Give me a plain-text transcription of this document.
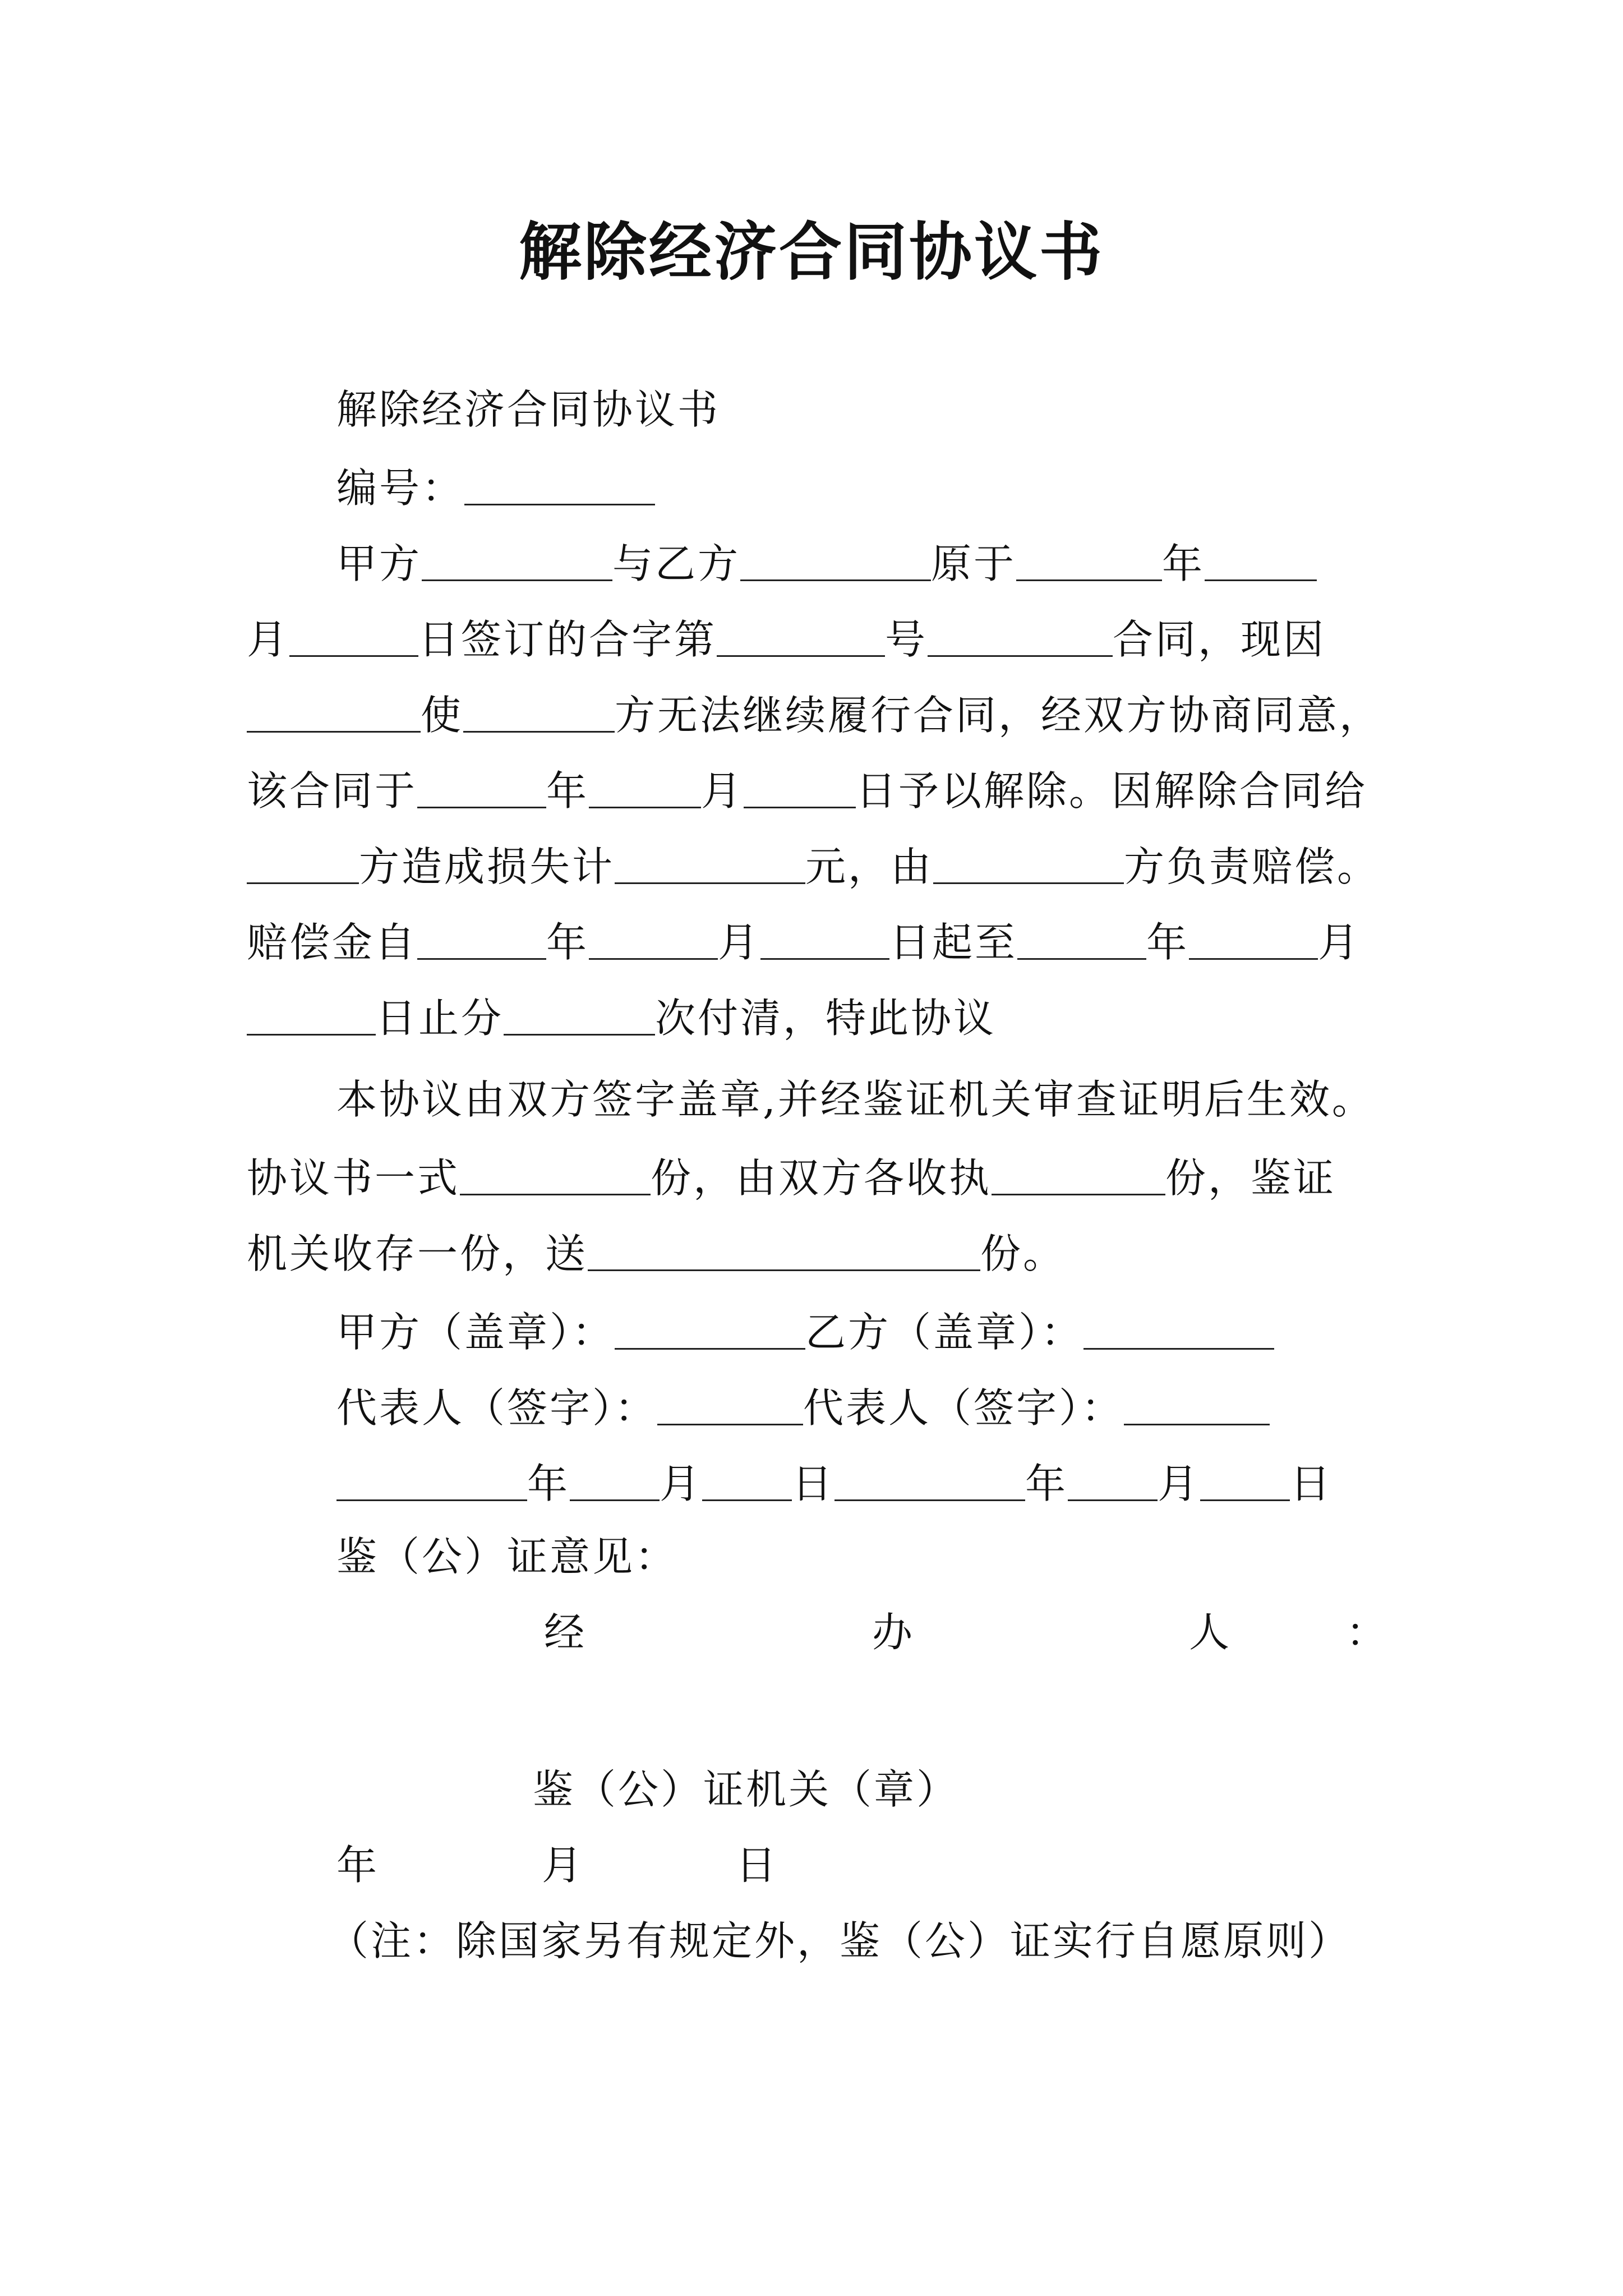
解除经济合同协议书
解除经济合同协议书
编号：
甲方	与乙方	原于	年
月	日签订的合字第	号	合同，现因
使	方无法继续履行合同，经双方协商同意，
该合同于	年	月	日予以解除。因解除合同给
方造成损失计	元，由	方负责赔偿。
赔偿金自	年	月	日起至	年	月
日止分	次付清，特此协议
本协议由双方签字盖章,并经鉴证机关审查证明后生效。
协议书一式	份，由双方各收执	份，鉴证
机关收存一份，送	份。
甲方（盖章）：	乙方（盖章）：
代表人（签字）：	代表人（签字）：
年 月 日	年 月 日
鉴（公）证意见：
经	办	人	：
鉴（公）证机关（章）
年	月	日
（注：除国家另有规定外，鉴（公）证实行自愿原则）
